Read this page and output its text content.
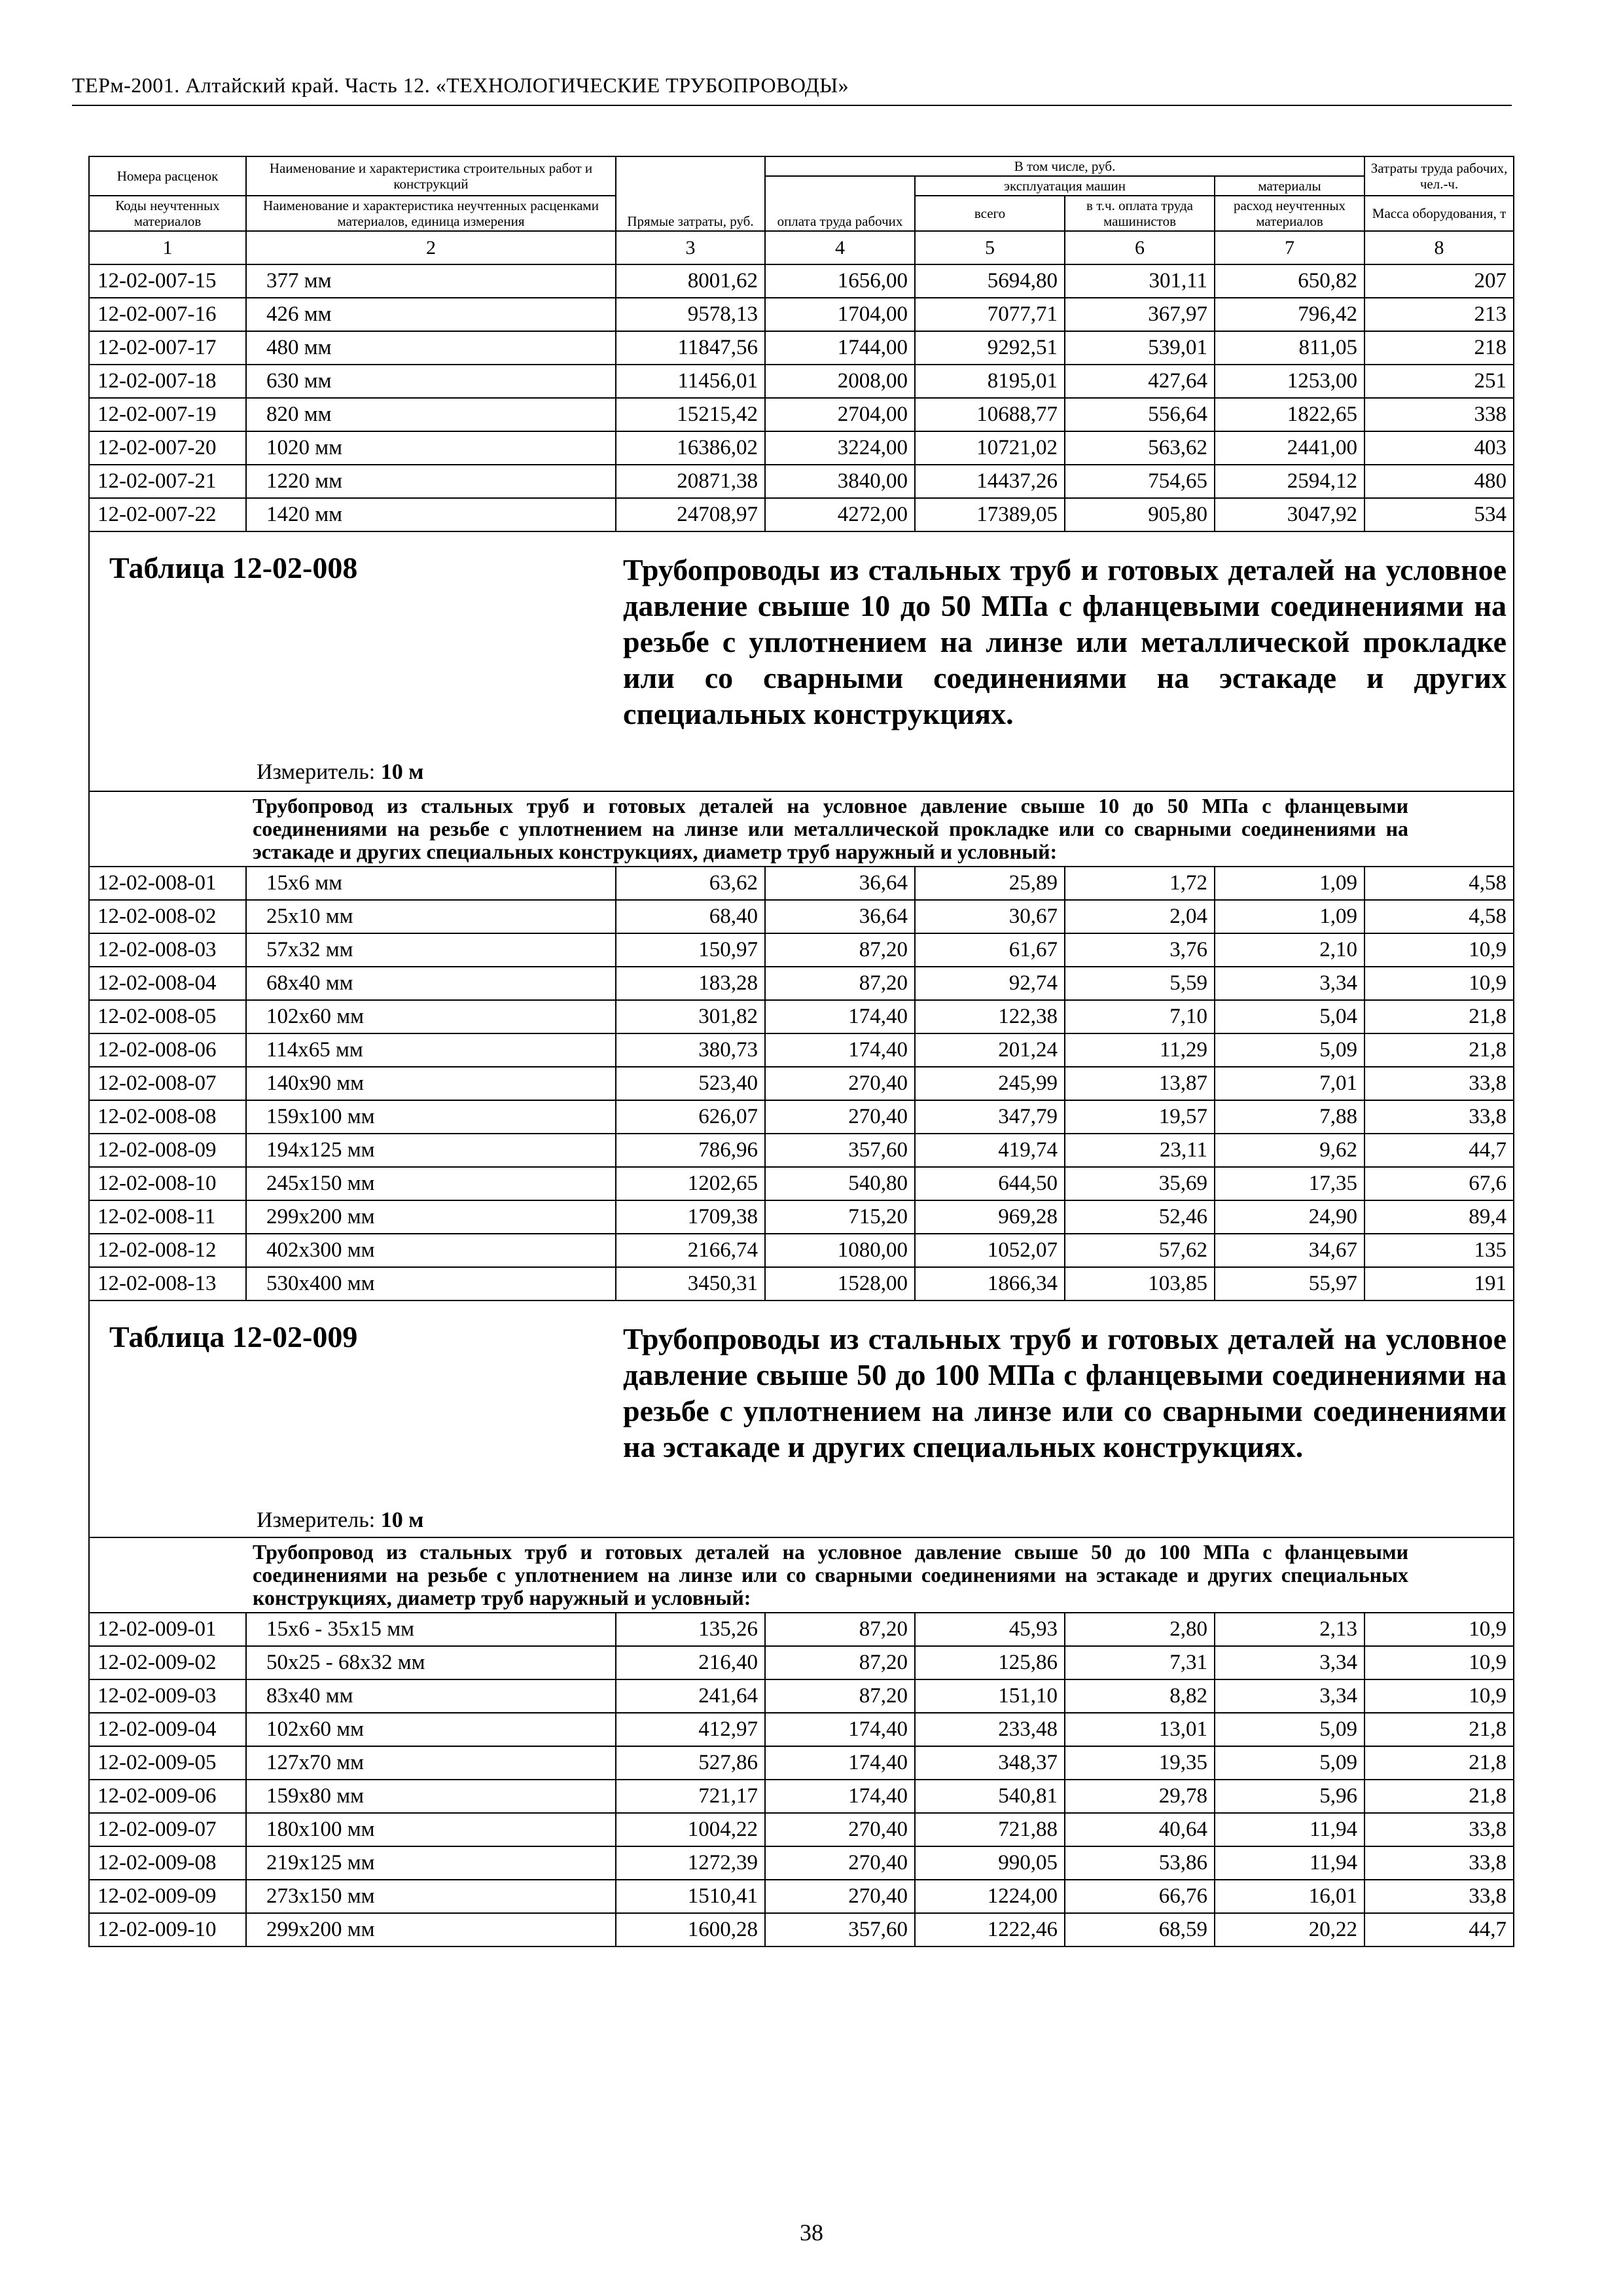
ТЕРм-2001. Алтайский край. Часть 12. «ТЕХНОЛОГИЧЕСКИЕ ТРУБОПРОВОДЫ»
Номера расценок	Наименование и характеристика строительных работ и конструкций	Прямые затраты, руб.	В том числе, руб.				Затраты труда рабочих, чел.-ч.
			оплата труда рабочих	эксплуатация машин		материалы	
Коды неучтенных материалов	Наименование и характеристика неучтенных расценками материалов, единица измерения			всего	в т.ч. оплата труда машинистов	расход неучтенных материалов	Масса оборудования, т
1	2	3	4	5	6	7	8
12-02-007-15	377 мм	8001,62	1656,00	5694,80	301,11	650,82	207
12-02-007-16	426 мм	9578,13	1704,00	7077,71	367,97	796,42	213
12-02-007-17	480 мм	11847,56	1744,00	9292,51	539,01	811,05	218
12-02-007-18	630 мм	11456,01	2008,00	8195,01	427,64	1253,00	251
12-02-007-19	820 мм	15215,42	2704,00	10688,77	556,64	1822,65	338
12-02-007-20	1020 мм	16386,02	3224,00	10721,02	563,62	2441,00	403
12-02-007-21	1220 мм	20871,38	3840,00	14437,26	754,65	2594,12	480
12-02-007-22	1420 мм	24708,97	4272,00	17389,05	905,80	3047,92	534

Таблица 12-02-008 Трубопроводы из стальных труб и готовых деталей на условное давление свыше 10 до 50 МПа с фланцевыми соединениями на резьбе с уплотнением на линзе или металлической прокладке или со сварными соединениями на эстакаде и других специальных конструкциях.
Измеритель: 10 м							

	Трубопровод из стальных труб и готовых деталей на условное давление свыше 10 до 50 МПа с фланцевыми соединениями на резьбе с уплотнением на линзе или металлической прокладке или со сварными соединениями на эстакаде и других специальных конструкциях, диаметр труб наружный и условный:						
12-02-008-01	15x6 мм	63,62	36,64	25,89	1,72	1,09	4,58
12-02-008-02	25x10 мм	68,40	36,64	30,67	2,04	1,09	4,58
12-02-008-03	57x32 мм	150,97	87,20	61,67	3,76	2,10	10,9
12-02-008-04	68x40 мм	183,28	87,20	92,74	5,59	3,34	10,9
12-02-008-05	102x60 мм	301,82	174,40	122,38	7,10	5,04	21,8
12-02-008-06	114x65 мм	380,73	174,40	201,24	11,29	5,09	21,8
12-02-008-07	140x90 мм	523,40	270,40	245,99	13,87	7,01	33,8
12-02-008-08	159x100 мм	626,07	270,40	347,79	19,57	7,88	33,8
12-02-008-09	194x125 мм	786,96	357,60	419,74	23,11	9,62	44,7
12-02-008-10	245x150 мм	1202,65	540,80	644,50	35,69	17,35	67,6
12-02-008-11	299x200 мм	1709,38	715,20	969,28	52,46	24,90	89,4
12-02-008-12	402x300 мм	2166,74	1080,00	1052,07	57,62	34,67	135
12-02-008-13	530x400 мм	3450,31	1528,00	1866,34	103,85	55,97	191

Таблица 12-02-009 Трубопроводы из стальных труб и готовых деталей на условное давление свыше 50 до 100 МПа с фланцевыми соединениями на резьбе с уплотнением на линзе или со сварными соединениями на эстакаде и других специальных конструкциях.
Измеритель: 10 м							

	Трубопровод из стальных труб и готовых деталей на условное давление свыше 50 до 100 МПа с фланцевыми соединениями на резьбе с уплотнением на линзе или со сварными соединениями на эстакаде и других специальных конструкциях, диаметр труб наружный и условный:						
12-02-009-01	15x6 - 35x15 мм	135,26	87,20	45,93	2,80	2,13	10,9
12-02-009-02	50x25 - 68x32 мм	216,40	87,20	125,86	7,31	3,34	10,9
12-02-009-03	83x40 мм	241,64	87,20	151,10	8,82	3,34	10,9
12-02-009-04	102x60 мм	412,97	174,40	233,48	13,01	5,09	21,8
12-02-009-05	127x70 мм	527,86	174,40	348,37	19,35	5,09	21,8
12-02-009-06	159x80 мм	721,17	174,40	540,81	29,78	5,96	21,8
12-02-009-07	180x100 мм	1004,22	270,40	721,88	40,64	11,94	33,8
12-02-009-08	219x125 мм	1272,39	270,40	990,05	53,86	11,94	33,8
12-02-009-09	273x150 мм	1510,41	270,40	1224,00	66,76	16,01	33,8
12-02-009-10	299x200 мм	1600,28	357,60	1222,46	68,59	20,22	44,7
38
